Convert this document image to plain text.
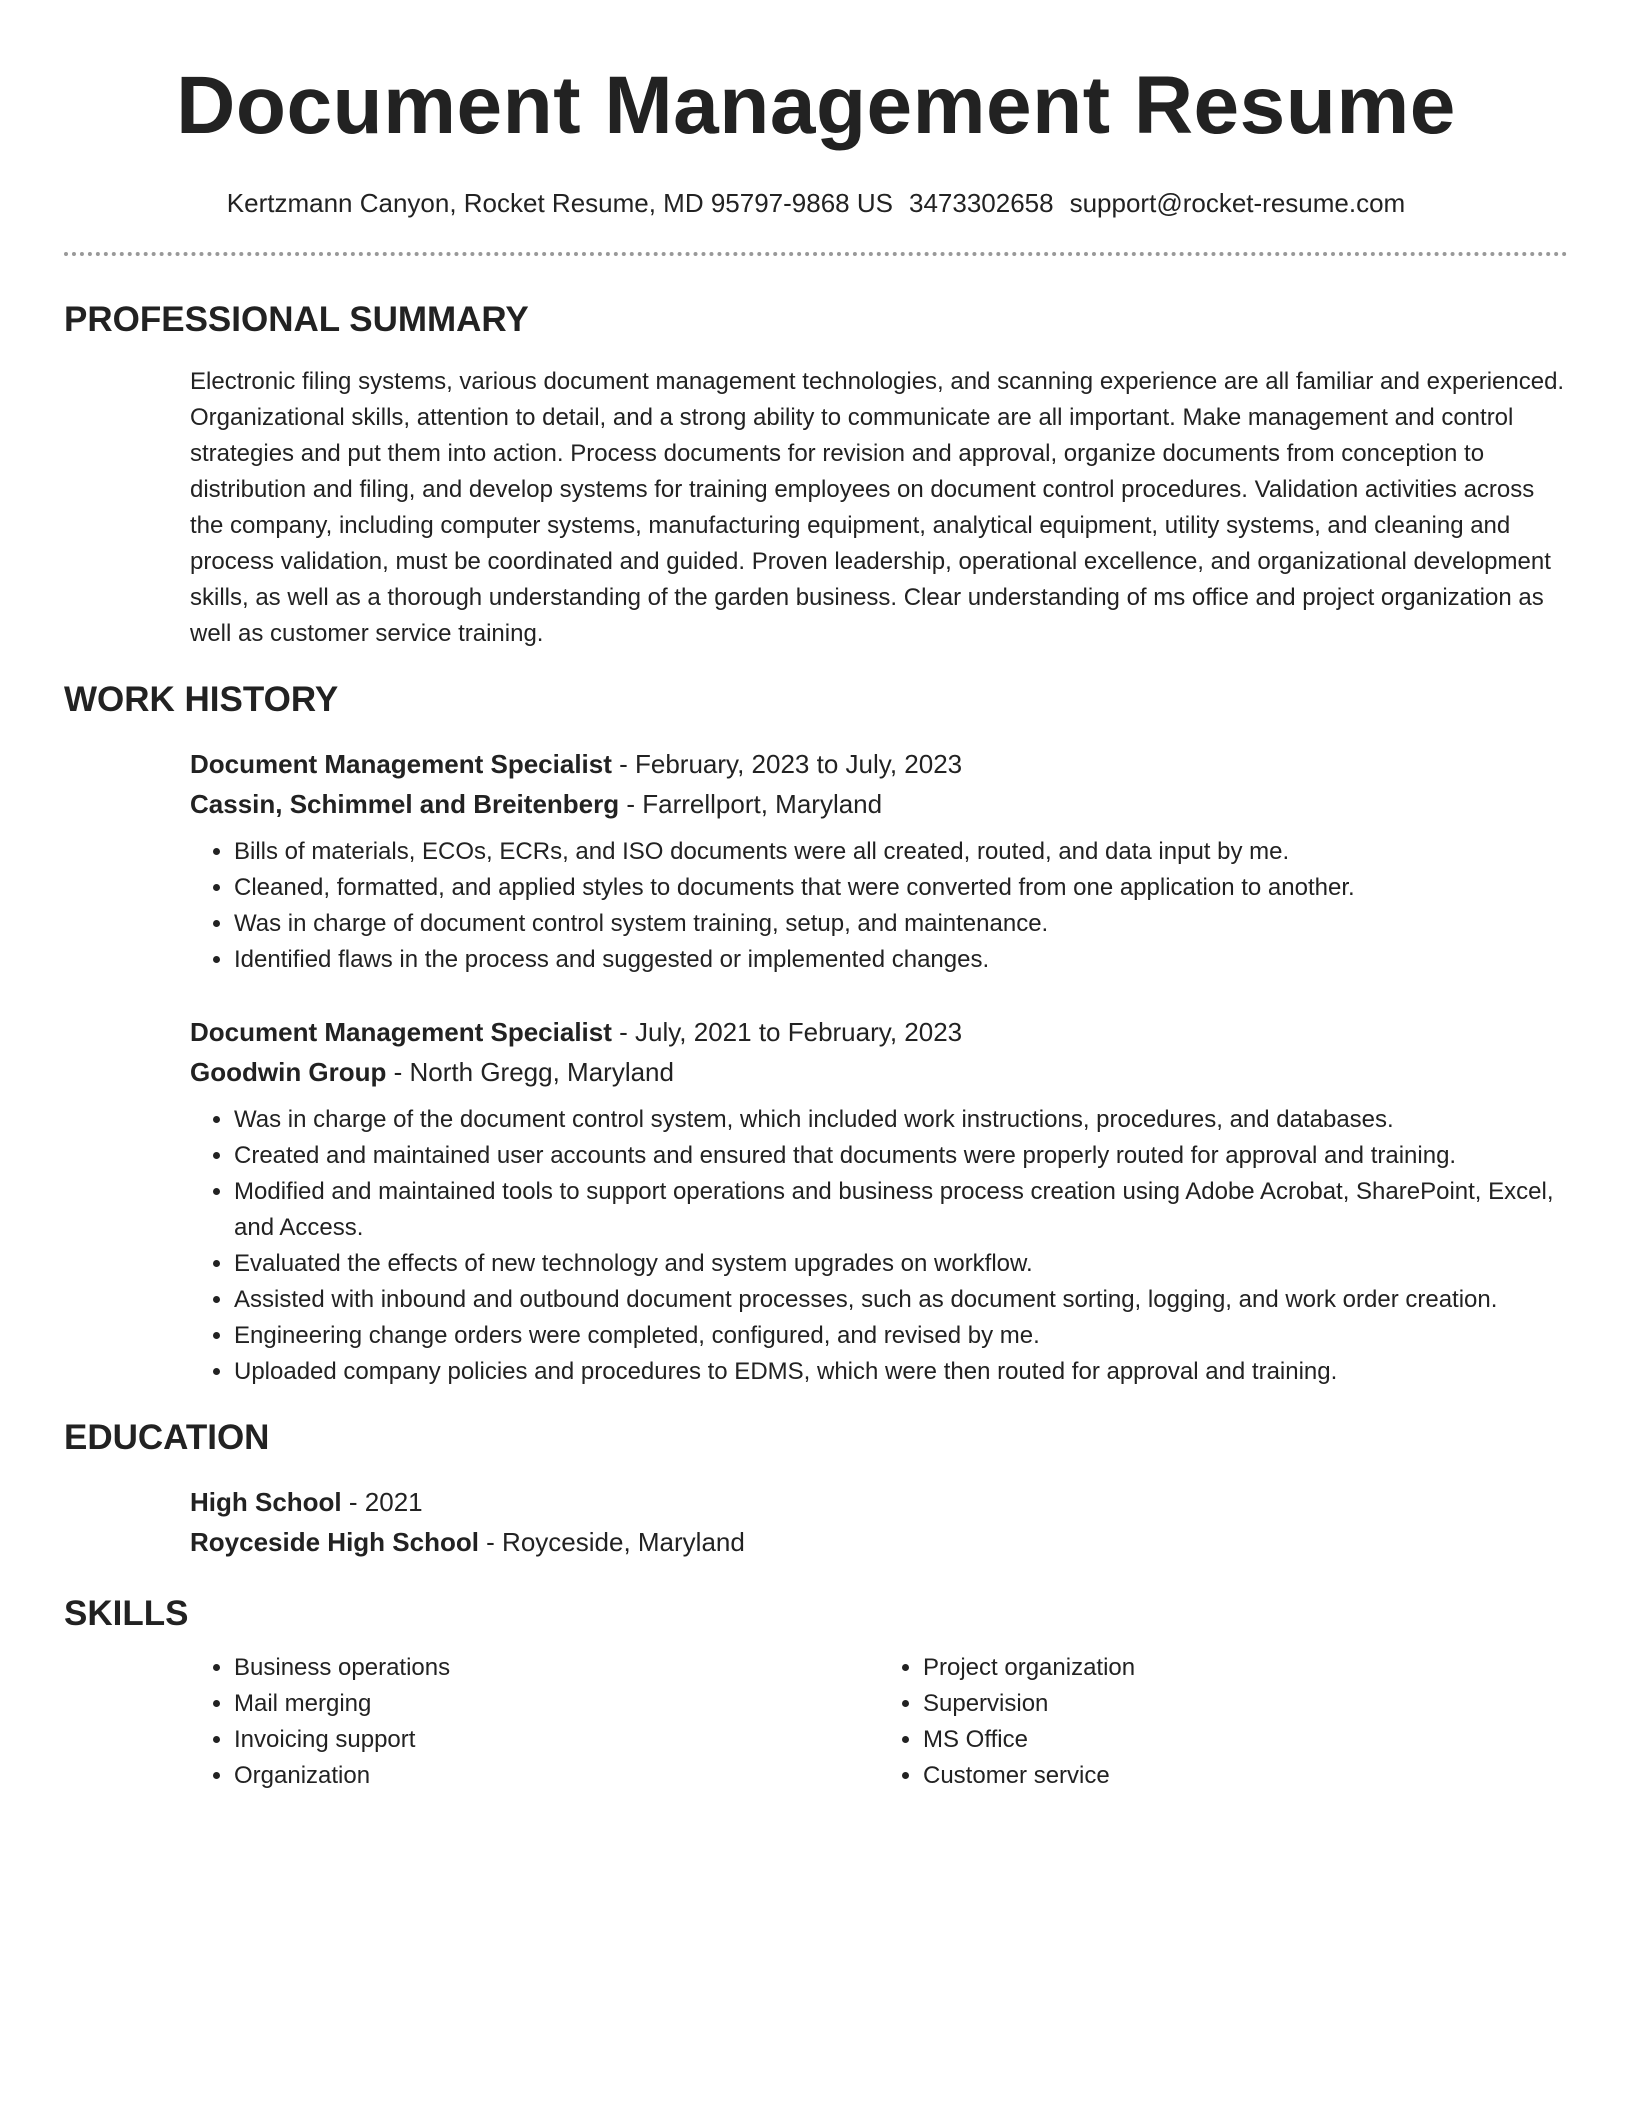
Document Management Resume
Kertzmann Canyon, Rocket Resume, MD 95797-9868 US 3473302658 support@rocket-resume.com
PROFESSIONAL SUMMARY
Electronic filing systems, various document management technologies, and scanning experience are all familiar and experienced. Organizational skills, attention to detail, and a strong ability to communicate are all important. Make management and control strategies and put them into action. Process documents for revision and approval, organize documents from conception to distribution and filing, and develop systems for training employees on document control procedures. Validation activities across the company, including computer systems, manufacturing equipment, analytical equipment, utility systems, and cleaning and process validation, must be coordinated and guided. Proven leadership, operational excellence, and organizational development skills, as well as a thorough understanding of the garden business. Clear understanding of ms office and project organization as well as customer service training.
WORK HISTORY
Document Management Specialist - February, 2023 to July, 2023
Cassin, Schimmel and Breitenberg - Farrellport, Maryland
• Bills of materials, ECOs, ECRs, and ISO documents were all created, routed, and data input by me.
• Cleaned, formatted, and applied styles to documents that were converted from one application to another.
• Was in charge of document control system training, setup, and maintenance.
• Identified flaws in the process and suggested or implemented changes.
Document Management Specialist - July, 2021 to February, 2023
Goodwin Group - North Gregg, Maryland
• Was in charge of the document control system, which included work instructions, procedures, and databases.
• Created and maintained user accounts and ensured that documents were properly routed for approval and training.
• Modified and maintained tools to support operations and business process creation using Adobe Acrobat, SharePoint, Excel, and Access.
• Evaluated the effects of new technology and system upgrades on workflow.
• Assisted with inbound and outbound document processes, such as document sorting, logging, and work order creation.
• Engineering change orders were completed, configured, and revised by me.
• Uploaded company policies and procedures to EDMS, which were then routed for approval and training.
EDUCATION
High School - 2021
Royceside High School - Royceside, Maryland
SKILLS
• Business operations
• Mail merging
• Invoicing support
• Organization
• Project organization
• Supervision
• MS Office
• Customer service
